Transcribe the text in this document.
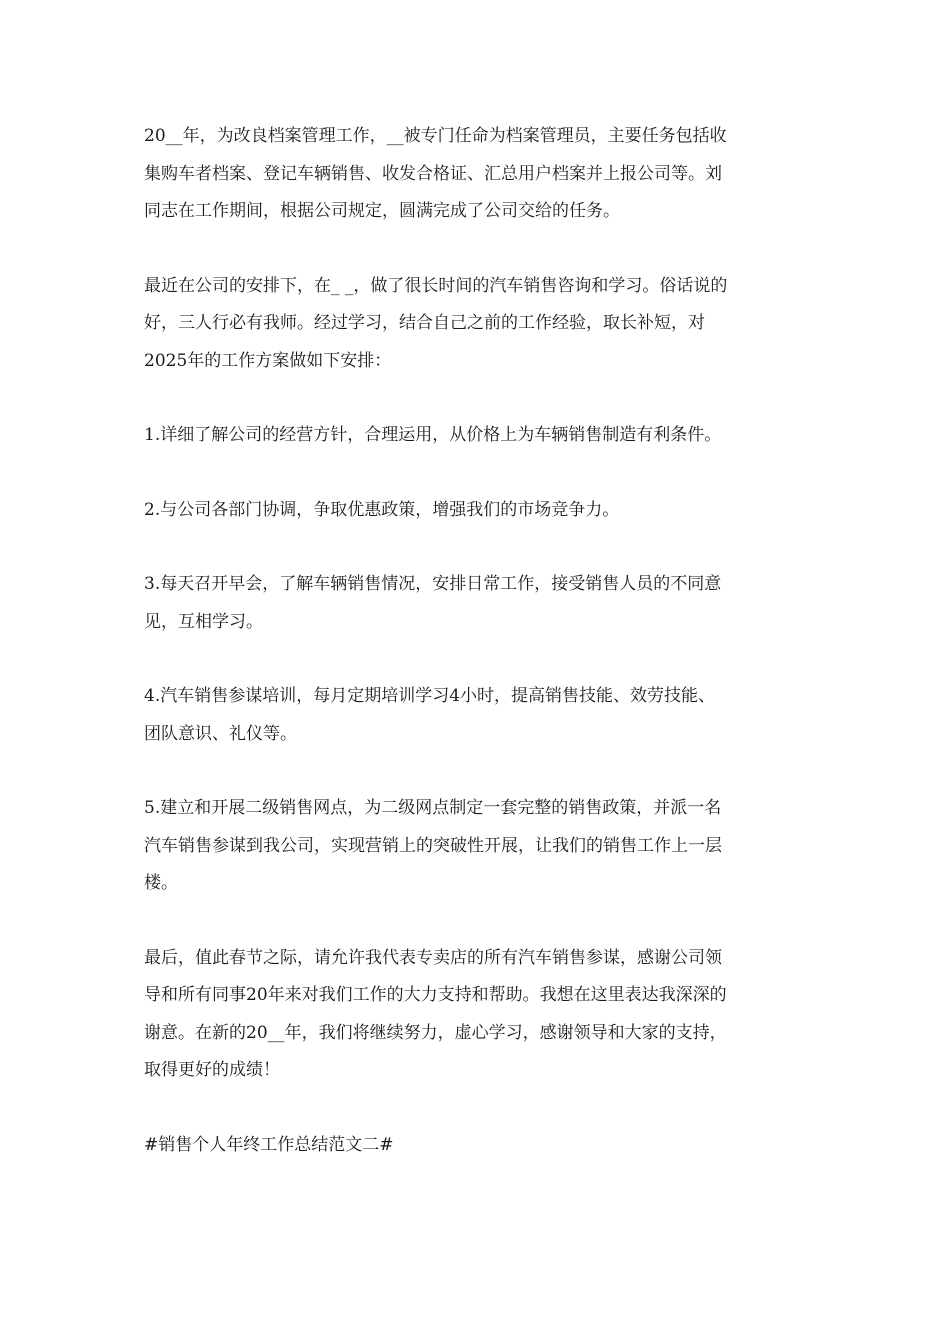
20__年，为改良档案管理工作，__被专门任命为档案管理员，主要任务包括收
集购车者档案、登记车辆销售、收发合格证、汇总用户档案并上报公司等。刘
同志在工作期间，根据公司规定，圆满完成了公司交给的任务。

最近在公司的安排下，在_ _，做了很长时间的汽车销售咨询和学习。俗话说的
好，三人行必有我师。经过学习，结合自己之前的工作经验，取长补短，对
2025年的工作方案做如下安排：

1.详细了解公司的经营方针，合理运用，从价格上为车辆销售制造有利条件。

2.与公司各部门协调，争取优惠政策，增强我们的市场竞争力。

3.每天召开早会，了解车辆销售情况，安排日常工作，接受销售人员的不同意
见，互相学习。

4.汽车销售参谋培训，每月定期培训学习4小时，提高销售技能、效劳技能、
团队意识、礼仪等。

5.建立和开展二级销售网点，为二级网点制定一套完整的销售政策，并派一名
汽车销售参谋到我公司，实现营销上的突破性开展，让我们的销售工作上一层
楼。

最后，值此春节之际，请允许我代表专卖店的所有汽车销售参谋，感谢公司领
导和所有同事20年来对我们工作的大力支持和帮助。我想在这里表达我深深的
谢意。在新的20__年，我们将继续努力，虚心学习，感谢领导和大家的支持，
取得更好的成绩！

#销售个人年终工作总结范文二#
